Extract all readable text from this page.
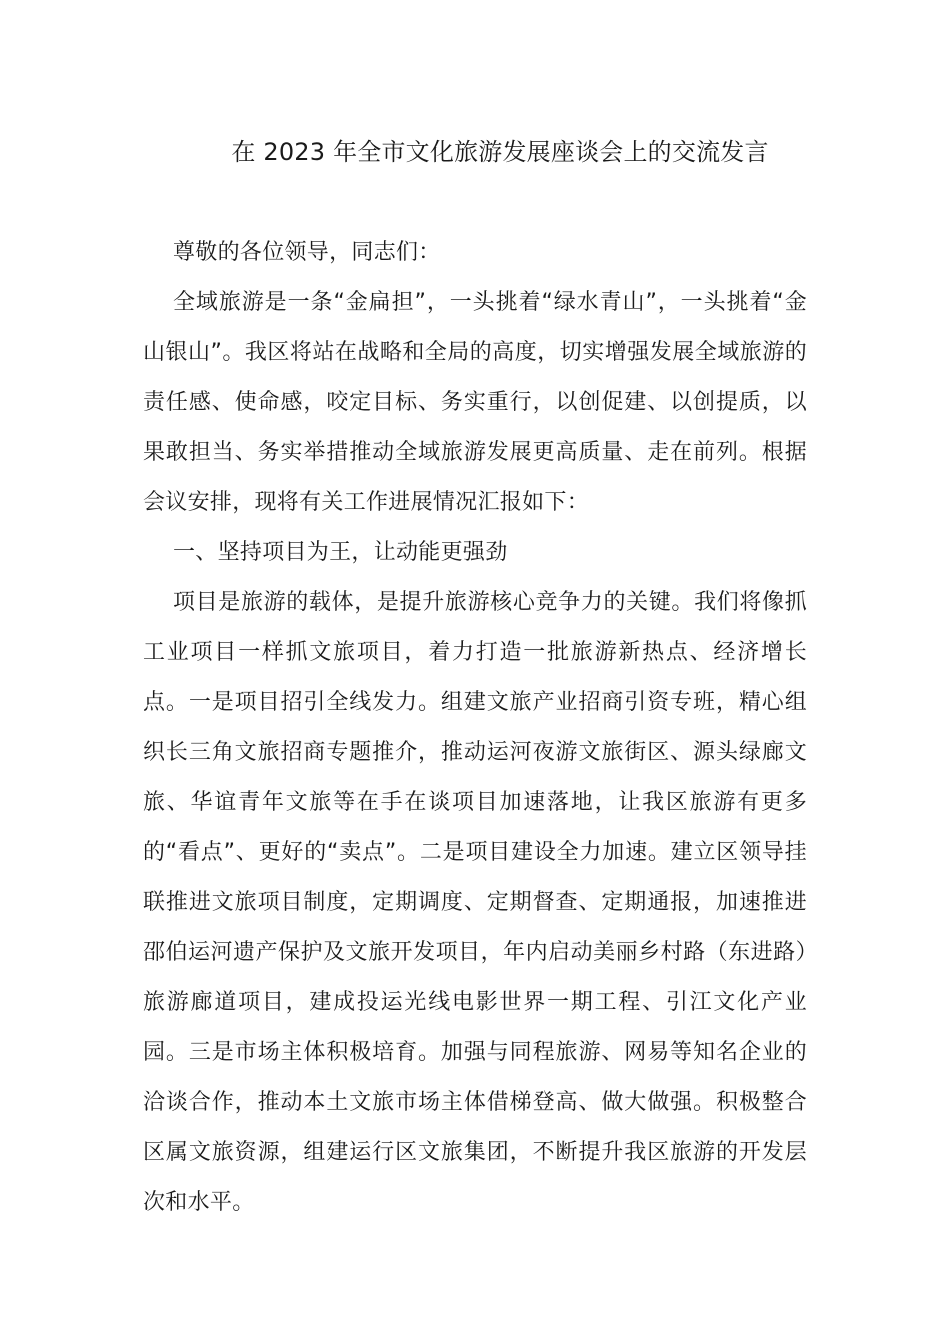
在 2023 年全市文化旅游发展座谈会上的交流发言

尊敬的各位领导，同志们：

全域旅游是一条“金扁担”，一头挑着“绿水青山”，一头挑着“金山银山”。我区将站在战略和全局的高度，切实增强发展全域旅游的责任感、使命感，咬定目标、务实重行，以创促建、以创提质，以果敢担当、务实举措推动全域旅游发展更高质量、走在前列。根据会议安排，现将有关工作进展情况汇报如下：

一、坚持项目为王，让动能更强劲

项目是旅游的载体，是提升旅游核心竞争力的关键。我们将像抓工业项目一样抓文旅项目，着力打造一批旅游新热点、经济增长点。一是项目招引全线发力。组建文旅产业招商引资专班，精心组织长三角文旅招商专题推介，推动运河夜游文旅街区、源头绿廊文旅、华谊青年文旅等在手在谈项目加速落地，让我区旅游有更多的“看点”、更好的“卖点”。二是项目建设全力加速。建立区领导挂联推进文旅项目制度，定期调度、定期督查、定期通报，加速推进邵伯运河遗产保护及文旅开发项目，年内启动美丽乡村路（东进路）旅游廊道项目，建成投运光线电影世界一期工程、引江文化产业园。三是市场主体积极培育。加强与同程旅游、网易等知名企业的洽谈合作，推动本土文旅市场主体借梯登高、做大做强。积极整合区属文旅资源，组建运行区文旅集团，不断提升我区旅游的开发层次和水平。
